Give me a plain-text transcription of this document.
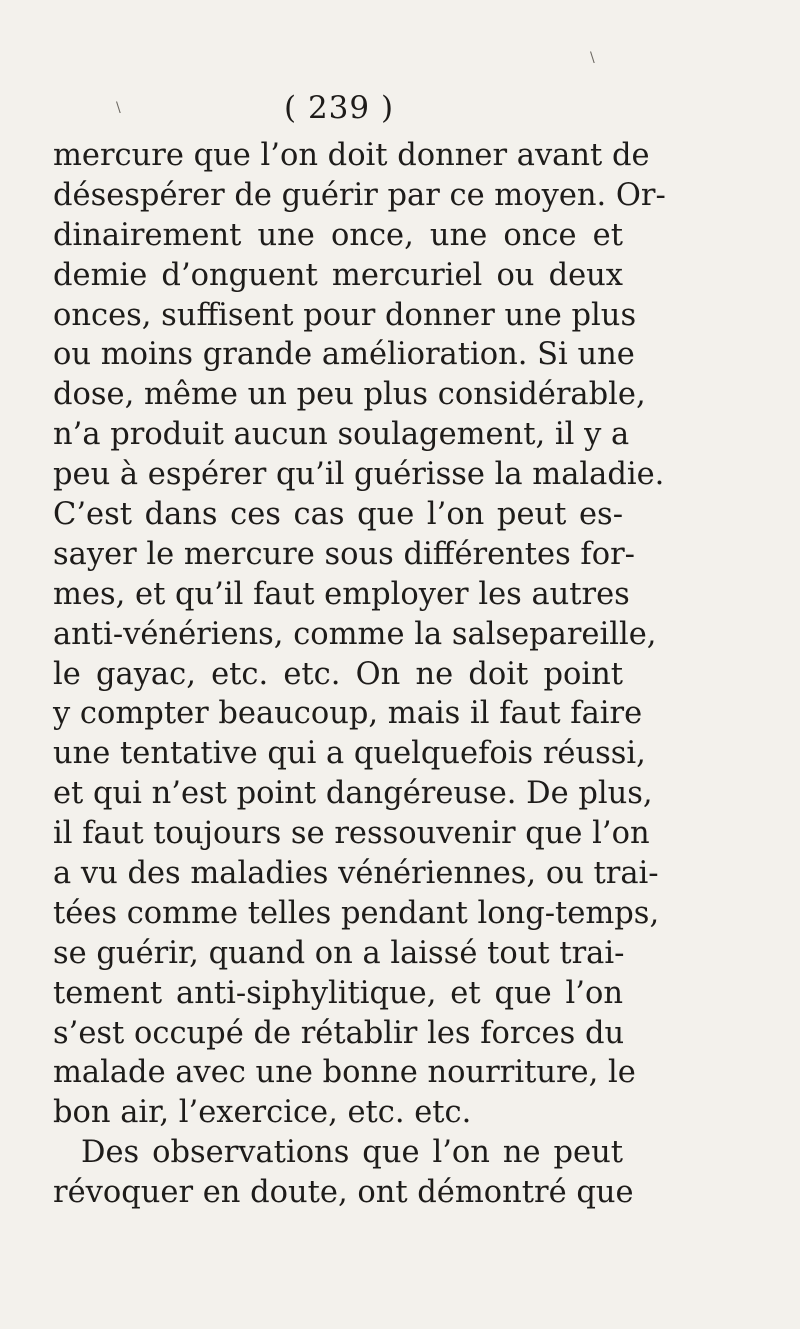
( 239 )
\
\
mercure que l’on doit donner avant de
désespérer de guérir par ce moyen. Or-
dinairement une once, une once et
demie d’onguent mercuriel ou deux
onces, suffisent pour donner une plus
ou moins grande amélioration. Si une
dose, même un peu plus considérable,
n’a produit aucun soulagement, il y a
peu à espérer qu’il guérisse la maladie.
C’est dans ces cas que l’on peut es-
sayer le mercure sous différentes for-
mes, et qu’il faut employer les autres
anti-vénériens, comme la salsepareille,
le gayac, etc. etc. On ne doit point
y compter beaucoup, mais il faut faire
une tentative qui a quelquefois réussi,
et qui n’est point dangéreuse. De plus,
il faut toujours se ressouvenir que l’on
a vu des maladies vénériennes, ou trai-
tées comme telles pendant long-temps,
se guérir, quand on a laissé tout trai-
tement anti-siphylitique, et que l’on
s’est occupé de rétablir les forces du
malade avec une bonne nourriture, le
bon air, l’exercice, etc. etc.
Des observations que l’on ne peut
révoquer en doute, ont démontré que
